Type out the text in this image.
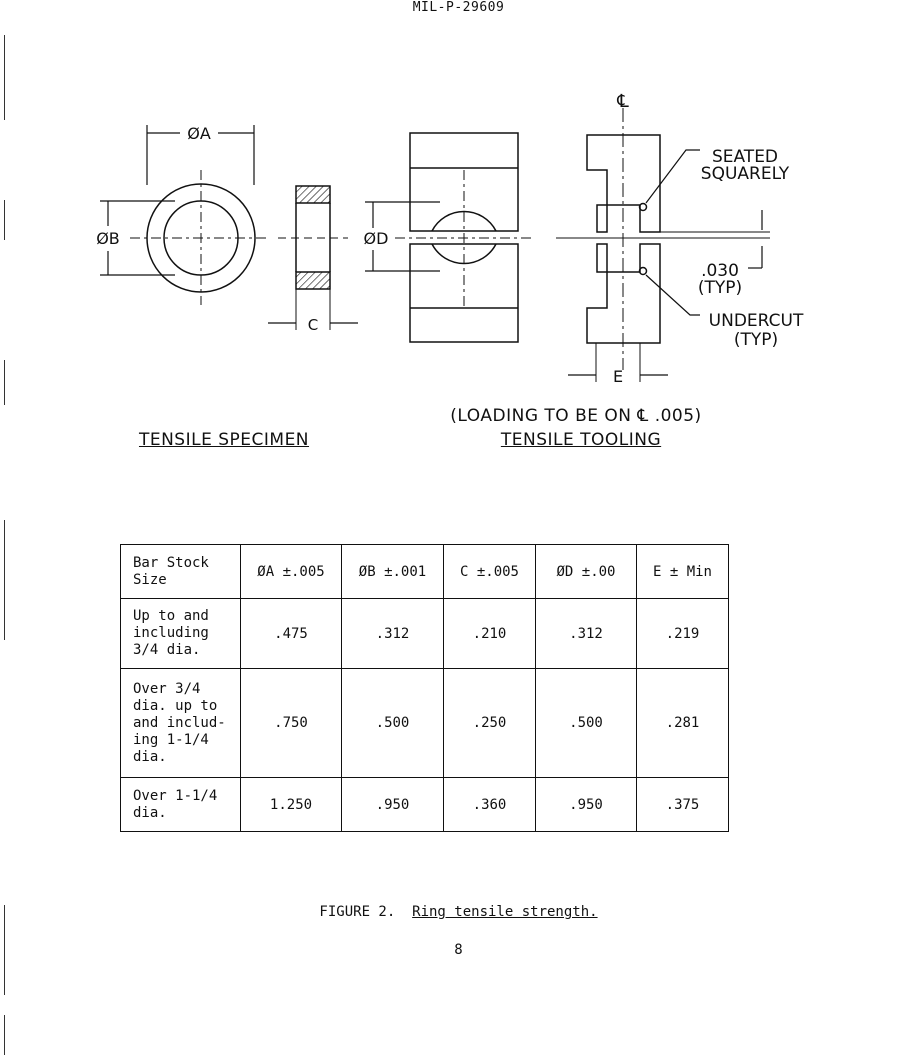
MIL-P-29609
ØA
ØB
C
ØD
℄
SEATED
SQUARELY
.030
(TYP)
UNDERCUT
(TYP)
E
(LOADING TO BE ON ℄ .005)
TENSILE SPECIMEN	TENSILE TOOLING
Bar Stock
Size	ØA ±.005	ØB ±.001	C ±.005	ØD ±.00	E ± Min
Up to and
including
3/4 dia.	.475	.312	.210	.312	.219
Over 3/4
dia. up to
and includ-
ing 1-1/4
dia.	.750	.500	.250	.500	.281
Over 1-1/4
dia.	1.250	.950	.360	.950	.375
FIGURE 2. Ring tensile strength.
8
